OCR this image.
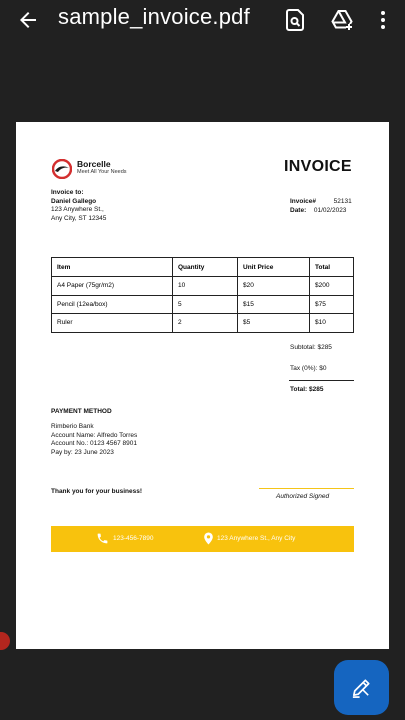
sample_invoice.pdf
Borcelle
Meet All Your Needs	INVOICE
Invoice to:
Daniel Gallego
123 Anywhere St.,
Any City, ST 12345
Invoice#	52131
Date: 01/02/2023
Item	Quantity	Unit Price	Total
A4 Paper (75gr/m2)	10	$20	$200
Pencil (12ea/box)	5	$15	$75
Ruler	2	$5	$10
Subtotal: $285
Tax (0%): $0
Total: $285
PAYMENT METHOD
Rimberio Bank
Account Name: Alfredo Torres
Account No.: 0123 4567 8901
Pay by: 23 June 2023
Thank you for your business!
Authorized Signed
123-456-7890	123 Anywhere St., Any City
